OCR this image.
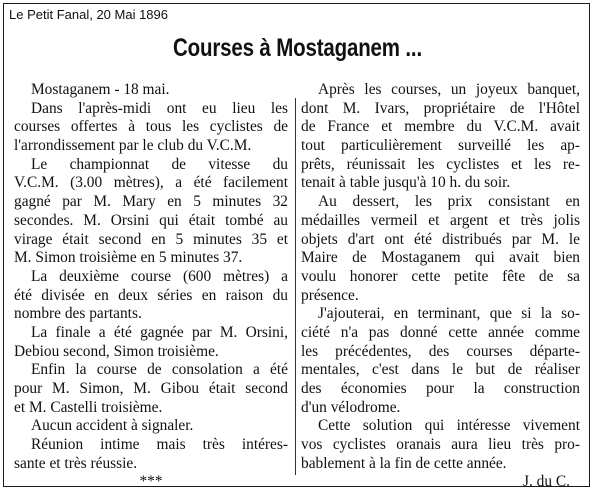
Le Petit Fanal, 20 Mai 1896
Courses à Mostaganem ...
Mostaganem - 18 mai.
Dans l'après-midi ont eu lieu les
courses offertes à tous les cyclistes de
l'arrondissement par le club du V.C.M.
Le championnat de vitesse du
V.C.M. (3.00 mètres), a été facilement
gagné par M. Mary en 5 minutes 32
secondes. M. Orsini qui était tombé au
virage était second en 5 minutes 35 et
M. Simon troisième en 5 minutes 37.
La deuxième course (600 mètres) a
été divisée en deux séries en raison du
nombre des partants.
La finale a été gagnée par M. Orsini,
Debiou second, Simon troisième.
Enfin la course de consolation a été
pour M. Simon, M. Gibou était second
et M. Castelli troisième.
Aucun accident à signaler.
Réunion intime mais très intéres-
sante et très réussie.
***
Après les courses, un joyeux banquet,
dont M. Ivars, propriétaire de l'Hôtel
de France et membre du V.C.M. avait
tout particulièrement surveillé les ap-
prêts, réunissait les cyclistes et les re-
tenait à table jusqu'à 10 h. du soir.
Au dessert, les prix consistant en
médailles vermeil et argent et très jolis
objets d'art ont été distribués par M. le
Maire de Mostaganem qui avait bien
voulu honorer cette petite fête de sa
présence.
J'ajouterai, en terminant, que si la so-
ciété n'a pas donné cette année comme
les précédentes, des courses départe-
mentales, c'est dans le but de réaliser
des économies pour la construction
d'un vélodrome.
Cette solution qui intéresse vivement
vos cyclistes oranais aura lieu très pro-
bablement à la fin de cette année.
J. du C.
